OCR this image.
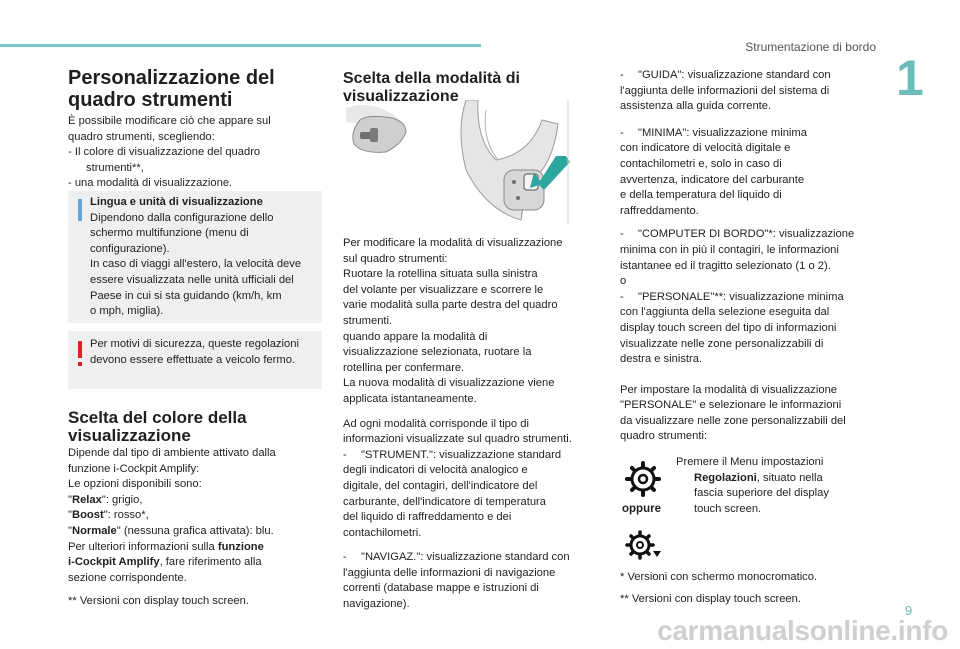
Strumentazione di bordo
1
9
carmanualsonline.info
Personalizzazione del
quadro strumenti
È possibile modificare ciò che appare sul
quadro strumenti, scegliendo:
- Il colore di visualizzazione del quadro
strumenti**,
- una modalità di visualizzazione.
Lingua e unità di visualizzazione
Dipendono dalla configurazione dello
schermo multifunzione (menu di
configurazione).
In caso di viaggi all'estero, la velocità deve
essere visualizzata nelle unità ufficiali del
Paese in cui si sta guidando (km/h, km
o mph, miglia).
Per motivi di sicurezza, queste regolazioni
devono essere effettuate a veicolo fermo.
Scelta del colore della
visualizzazione
Dipende dal tipo di ambiente attivato dalla
funzione i-Cockpit Amplify:
Le opzioni disponibili sono:
"Relax": grigio,
"Boost": rosso*,
"Normale" (nessuna grafica attivata): blu.
Per ulteriori informazioni sulla funzione
i-Cockpit Amplify, fare riferimento alla
sezione corrispondente.
** Versioni con display touch screen.
Scelta della modalità di
visualizzazione
Per modificare la modalità di visualizzazione
sul quadro strumenti:
Ruotare la rotellina situata sulla sinistra
del volante per visualizzare e scorrere le
varie modalità sulla parte destra del quadro
strumenti.
quando appare la modalità di
visualizzazione selezionata, ruotare la
rotellina per confermare.
La nuova modalità di visualizzazione viene
applicata istantaneamente.
Ad ogni modalità corrisponde il tipo di
informazioni visualizzate sul quadro strumenti.
- "STRUMENT.": visualizzazione standard
degli indicatori di velocità analogico e
digitale, del contagiri, dell'indicatore del
carburante, dell'indicatore di temperatura
del liquido di raffreddamento e dei
contachilometri.
- "NAVIGAZ.": visualizzazione standard con
l'aggiunta delle informazioni di navigazione
correnti (database mappe e istruzioni di
navigazione).
- "GUIDA": visualizzazione standard con
l'aggiunta delle informazioni del sistema di
assistenza alla guida corrente.
- "MINIMA": visualizzazione minima
con indicatore di velocità digitale e
contachilometri e, solo in caso di
avvertenza, indicatore del carburante
e della temperatura del liquido di
raffreddamento.
- "COMPUTER DI BORDO"*: visualizzazione
minima con in più il contagiri, le informazioni
istantanee ed il tragitto selezionato (1 o 2).
o
- "PERSONALE"**: visualizzazione minima
con l'aggiunta della selezione eseguita dal
display touch screen del tipo di informazioni
visualizzate nelle zone personalizzabili di
destra e sinistra.
Per impostare la modalità di visualizzazione
"PERSONALE" e selezionare le informazioni
da visualizzare nelle zone personalizzabili del
quadro strumenti:
oppure
Premere il Menu impostazioni
Regolazioni, situato nella
fascia superiore del display
touch screen.
* Versioni con schermo monocromatico.
** Versioni con display touch screen.
